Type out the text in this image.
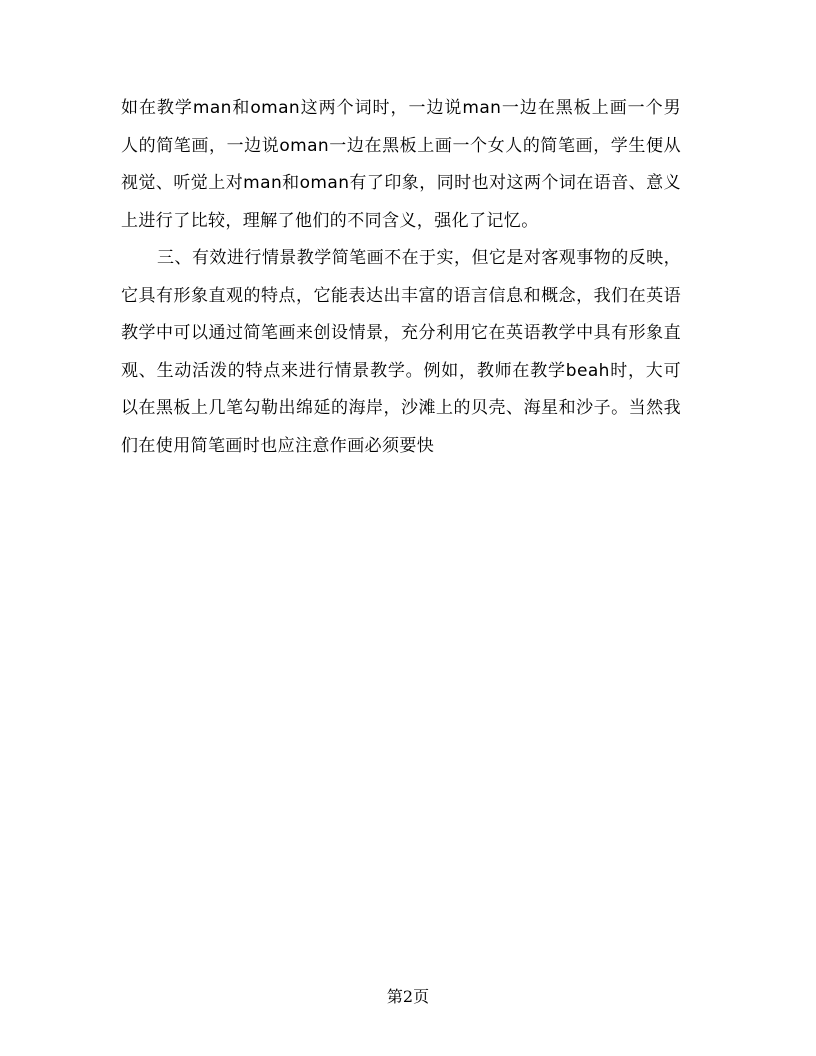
如在教学man和oman这两个词时，一边说man一边在黑板上画一个男人的简笔画，一边说oman一边在黑板上画一个女人的简笔画，学生便从视觉、听觉上对man和oman有了印象，同时也对这两个词在语音、意义上进行了比较，理解了他们的不同含义，强化了记忆。

三、有效进行情景教学简笔画不在于实，但它是对客观事物的反映，它具有形象直观的特点，它能表达出丰富的语言信息和概念，我们在英语教学中可以通过简笔画来创设情景，充分利用它在英语教学中具有形象直观、生动活泼的特点来进行情景教学。例如，教师在教学beah时，大可以在黑板上几笔勾勒出绵延的海岸，沙滩上的贝壳、海星和沙子。当然我们在使用简笔画时也应注意作画必须要快

第2页
